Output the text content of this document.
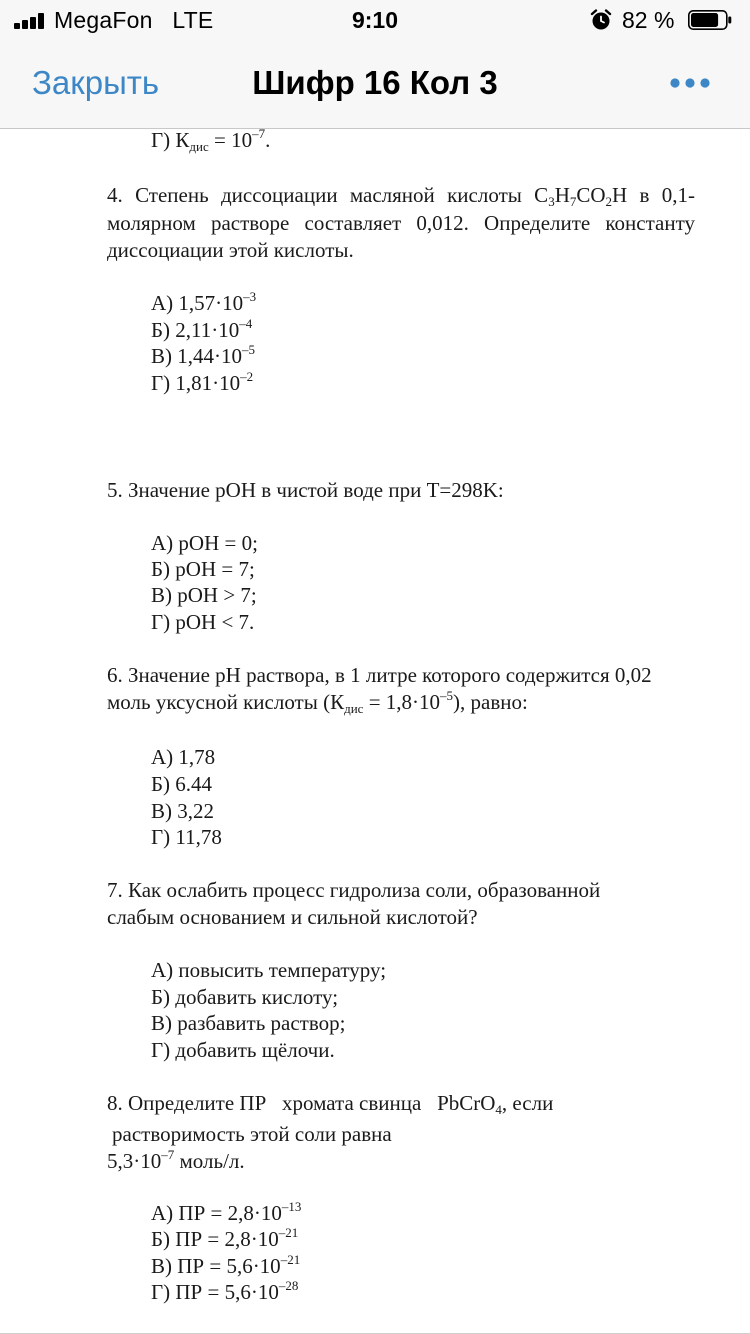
MegaFon LTE	9:10	82 %
Закрыть	Шифр 16 Кол 3
Г) $К_{дис} = 10^{-7}$.
4. Степень диссоциации масляной кислоты $C_3H_7CO_2H$ в 0,1-
молярном растворе составляет 0,012. Определите константу
диссоциации этой кислоты.
А) $1,57\cdot 10^{-3}$
Б) $2,11\cdot 10^{-4}$
В) $1,44\cdot 10^{-5}$
Г) $1,81\cdot 10^{-2}$
5. Значение pOH в чистой воде при T=298K:
А) pOH = 0;
Б) pOH = 7;
В) pOH > 7;
Г) pOH < 7.
6. Значение pH раствора, в 1 литре которого содержится 0,02
моль уксусной кислоты $(К_{дис} = 1,8\cdot 10^{-5})$, равно:
А) 1,78
Б) 6.44
В) 3,22
Г) 11,78
7. Как ослабить процесс гидролиза соли, образованной
слабым основанием и сильной кислотой?
А) повысить температуру;
Б) добавить кислоту;
В) разбавить раствор;
Г) добавить щёлочи.
8. Определите ПР   хромата свинца   PbCrO$_4$, если
растворимость этой соли равна
$5,3\cdot 10^{-7}$ моль/л.
А) ПР = $2,8\cdot 10^{-13}$
Б) ПР = $2,8\cdot 10^{-21}$
В) ПР = $5,6\cdot 10^{-21}$
Г) ПР = $5,6\cdot 10^{-28}$
